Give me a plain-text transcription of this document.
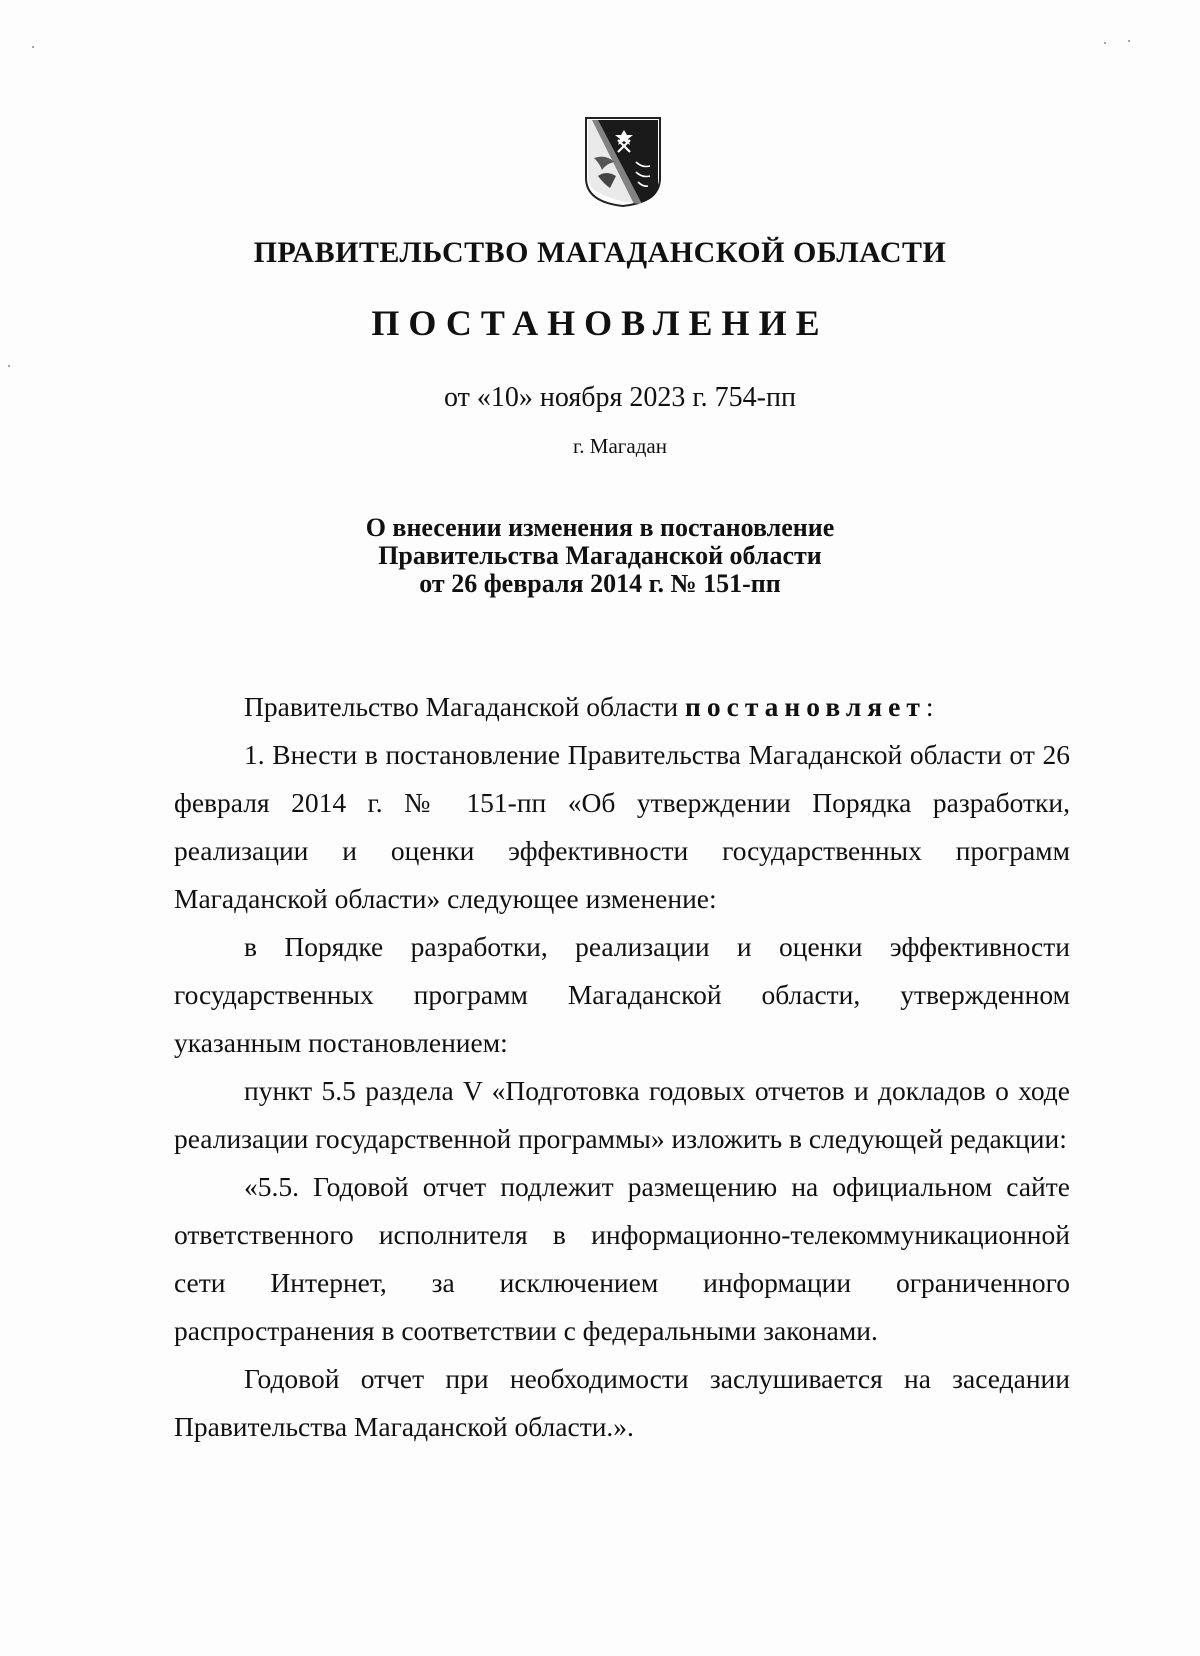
ПРАВИТЕЛЬСТВО МАГАДАНСКОЙ ОБЛАСТИ
ПОСТАНОВЛЕНИЕ
от «10» ноября 2023 г. 754-пп
г. Магадан
О внесении изменения в постановление
Правительства Магаданской области
от 26 февраля 2014 г. № 151-пп

Правительство Магаданской области постановляет:

1. Внести в постановление Правительства Магаданской области от 26 февраля 2014 г. № 151-пп «Об утверждении Порядка разработки, реализации и оценки эффективности государственных программ Магаданской области» следующее изменение:

в Порядке разработки, реализации и оценки эффективности государственных программ Магаданской области, утвержденном указанным постановлением:

пункт 5.5 раздела V «Подготовка годовых отчетов и докладов о ходе реализации государственной программы» изложить в следующей редакции:

«5.5. Годовой отчет подлежит размещению на официальном сайте ответственного исполнителя в информационно-телекоммуникационной сети Интернет, за исключением информации ограниченного распространения в соответствии с федеральными законами.

Годовой отчет при необходимости заслушивается на заседании Правительства Магаданской области.».
